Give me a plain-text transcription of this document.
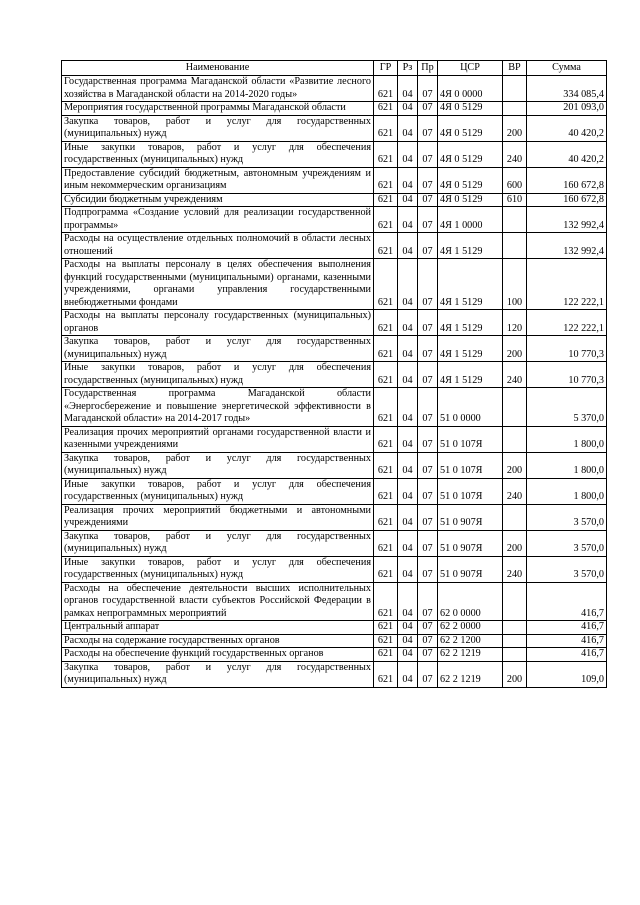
Наименование	ГР	Рз	Пр	ЦСР	ВР	Сумма
Государственная программа Магаданской области «Развитие лесного хозяйства в Магаданской области на 2014-2020 годы»	621	04	07	4Я 0 0000		334 085,4
Мероприятия государственной программы Магаданской области	621	04	07	4Я 0 5129		201 093,0
Закупка товаров, работ и услуг для государственных (муниципальных) нужд	621	04	07	4Я 0 5129	200	40 420,2
Иные закупки товаров, работ и услуг для обеспечения государственных (муниципальных) нужд	621	04	07	4Я 0 5129	240	40 420,2
Предоставление субсидий бюджетным, автономным учреждениям и иным некоммерческим организациям	621	04	07	4Я 0 5129	600	160 672,8
Субсидии бюджетным учреждениям	621	04	07	4Я 0 5129	610	160 672,8
Подпрограмма «Создание условий для реализации государственной программы»	621	04	07	4Я 1 0000		132 992,4
Расходы на осуществление отдельных полномочий в области лесных отношений	621	04	07	4Я 1 5129		132 992,4
Расходы на выплаты персоналу в целях обеспечения выполнения функций государственными (муниципальными) органами, казенными учреждениями, органами управления государственными внебюджетными фондами	621	04	07	4Я 1 5129	100	122 222,1
Расходы на выплаты персоналу государственных (муниципальных) органов	621	04	07	4Я 1 5129	120	122 222,1
Закупка товаров, работ и услуг для государственных (муниципальных) нужд	621	04	07	4Я 1 5129	200	10 770,3
Иные закупки товаров, работ и услуг для обеспечения государственных (муниципальных) нужд	621	04	07	4Я 1 5129	240	10 770,3
Государственная программа Магаданской области «Энергосбережение и повышение энергетической эффективности в Магаданской области» на 2014-2017 годы»	621	04	07	51 0 0000		5 370,0
Реализация прочих мероприятий органами государственной власти и казенными учреждениями	621	04	07	51 0 107Я		1 800,0
Закупка товаров, работ и услуг для государственных (муниципальных) нужд	621	04	07	51 0 107Я	200	1 800,0
Иные закупки товаров, работ и услуг для обеспечения государственных (муниципальных) нужд	621	04	07	51 0 107Я	240	1 800,0
Реализация прочих мероприятий бюджетными и автономными учреждениями	621	04	07	51 0 907Я		3 570,0
Закупка товаров, работ и услуг для государственных (муниципальных) нужд	621	04	07	51 0 907Я	200	3 570,0
Иные закупки товаров, работ и услуг для обеспечения государственных (муниципальных) нужд	621	04	07	51 0 907Я	240	3 570,0
Расходы на обеспечение деятельности высших исполнительных органов государственной власти субъектов Российской Федерации в рамках непрограммных мероприятий	621	04	07	62 0 0000		416,7
Центральный аппарат	621	04	07	62 2 0000		416,7
Расходы на содержание государственных органов	621	04	07	62 2 1200		416,7
Расходы на обеспечение функций государственных органов	621	04	07	62 2 1219		416,7
Закупка товаров, работ и услуг для государственных (муниципальных) нужд	621	04	07	62 2 1219	200	109,0
